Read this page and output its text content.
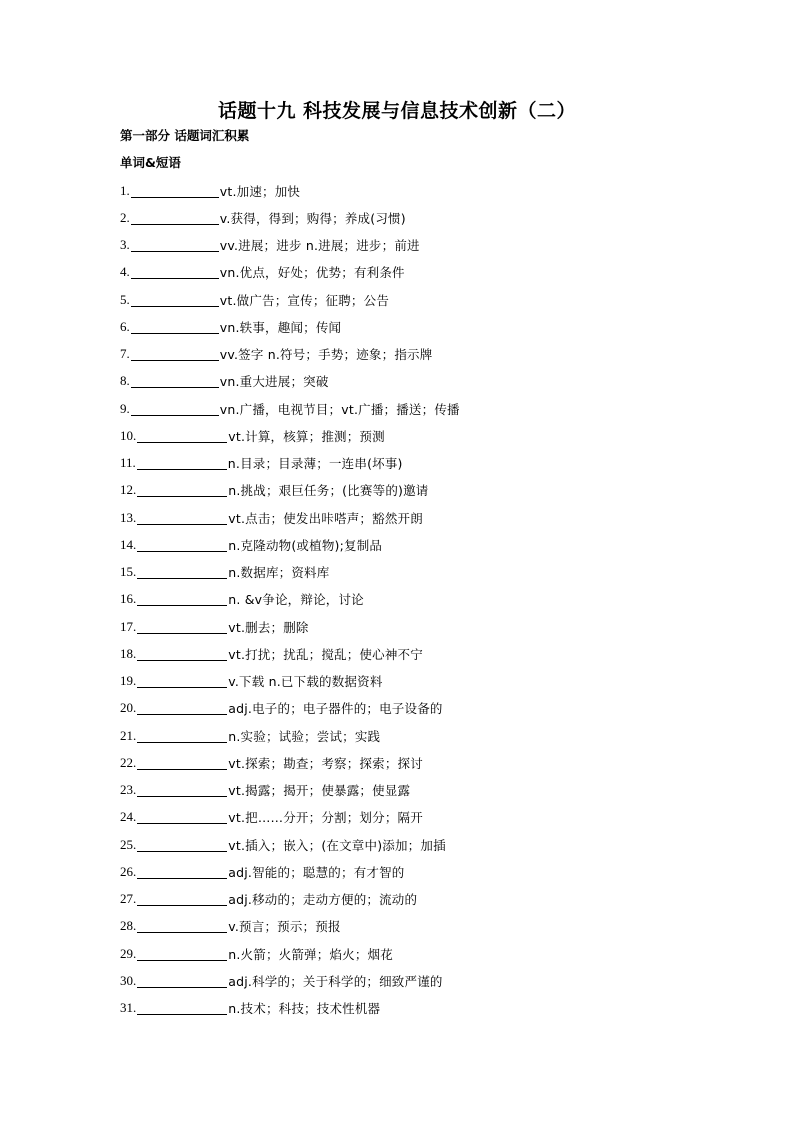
话题十九 科技发展与信息技术创新（二）
第一部分 话题词汇积累
单词&短语
1.	vt.加速；加快
2.	v.获得，得到；购得；养成(习惯)
3.	vv.进展；进步 n.进展；进步；前进
4.	vn.优点，好处；优势；有利条件
5.	vt.做广告；宣传；征聘；公告
6.	vn.轶事，趣闻；传闻
7.	vv.签字 n.符号；手势；迹象；指示牌
8.	vn.重大进展；突破
9.	vn.广播，电视节目；vt.广播；播送；传播
10.	vt.计算，核算；推测；预测
11.	n.目录；目录薄；一连串(坏事)
12.	n.挑战；艰巨任务；(比赛等的)邀请
13.	vt.点击；使发出咔嗒声；豁然开朗
14.	n.克隆动物(或植物);复制品
15.	n.数据库；资料库
16.	n. &v争论，辩论，讨论
17.	vt.删去；删除
18.	vt.打扰；扰乱；搅乱；使心神不宁
19.	v.下载 n.已下载的数据资料
20.	adj.电子的；电子器件的；电子设备的
21.	n.实验；试验；尝试；实践
22.	vt.探索；勘查；考察；探索；探讨
23.	vt.揭露；揭开；使暴露；使显露
24.	vt.把……分开；分割；划分；隔开
25.	vt.插入；嵌入；(在文章中)添加；加插
26.	adj.智能的；聪慧的；有才智的
27.	adj.移动的；走动方便的；流动的
28.	v.预言；预示；预报
29.	n.火箭；火箭弹；焰火；烟花
30.	adj.科学的；关于科学的；细致严谨的
31.	n.技术；科技；技术性机器
